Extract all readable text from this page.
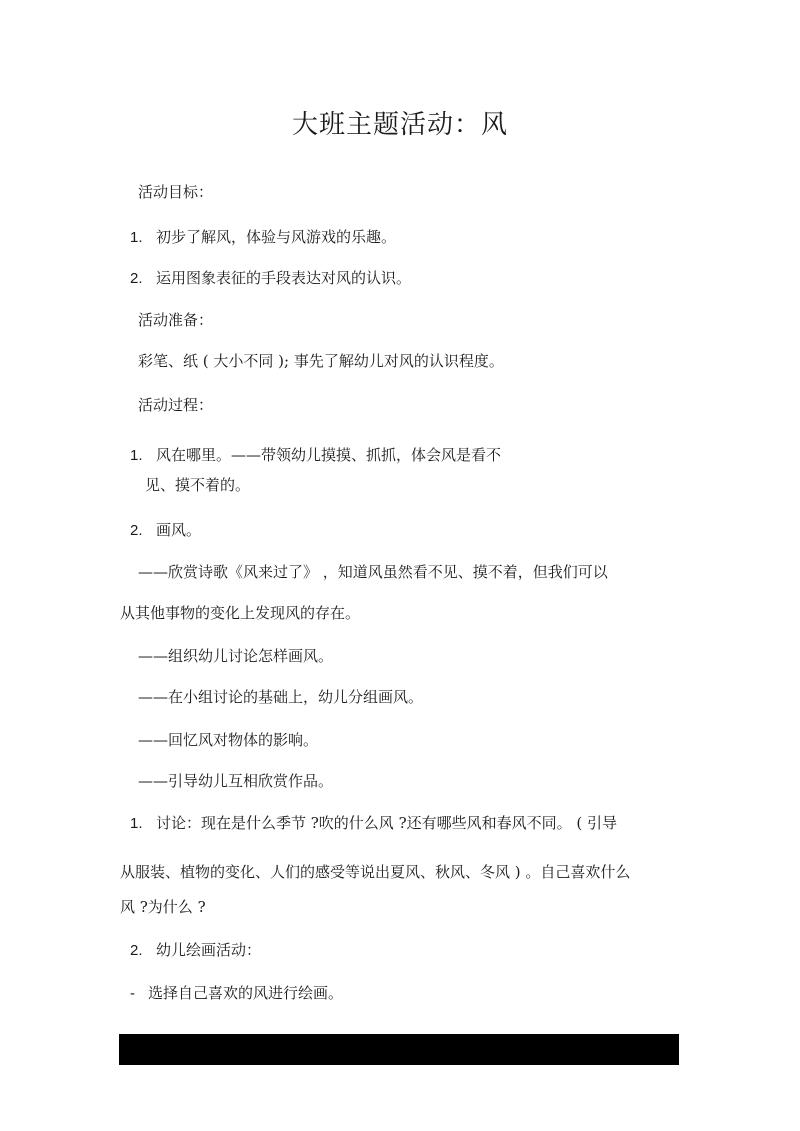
大班主题活动：风
活动目标：
1. 初步了解风，体验与风游戏的乐趣。
2. 运用图象表征的手段表达对风的认识。
活动准备：
彩笔、纸 ( 大小不同 ); 事先了解幼儿对风的认识程度。
活动过程：
1. 风在哪里。——带领幼儿摸摸、抓抓，体会风是看不
见、摸不着的。
2. 画风。
——欣赏诗歌《风来过了》 ，知道风虽然看不见、摸不着，但我们可以
从其他事物的变化上发现风的存在。
——组织幼儿讨论怎样画风。
——在小组讨论的基础上，幼儿分组画风。
——回忆风对物体的影响。
——引导幼儿互相欣赏作品。
1. 讨论：现在是什么季节 ?吹的什么风 ?还有哪些风和春风不同。 ( 引导
从服装、植物的变化、人们的感受等说出夏风、秋风、冬风 ) 。自己喜欢什么
风 ?为什么 ?
2. 幼儿绘画活动：
- 选择自己喜欢的风进行绘画。
